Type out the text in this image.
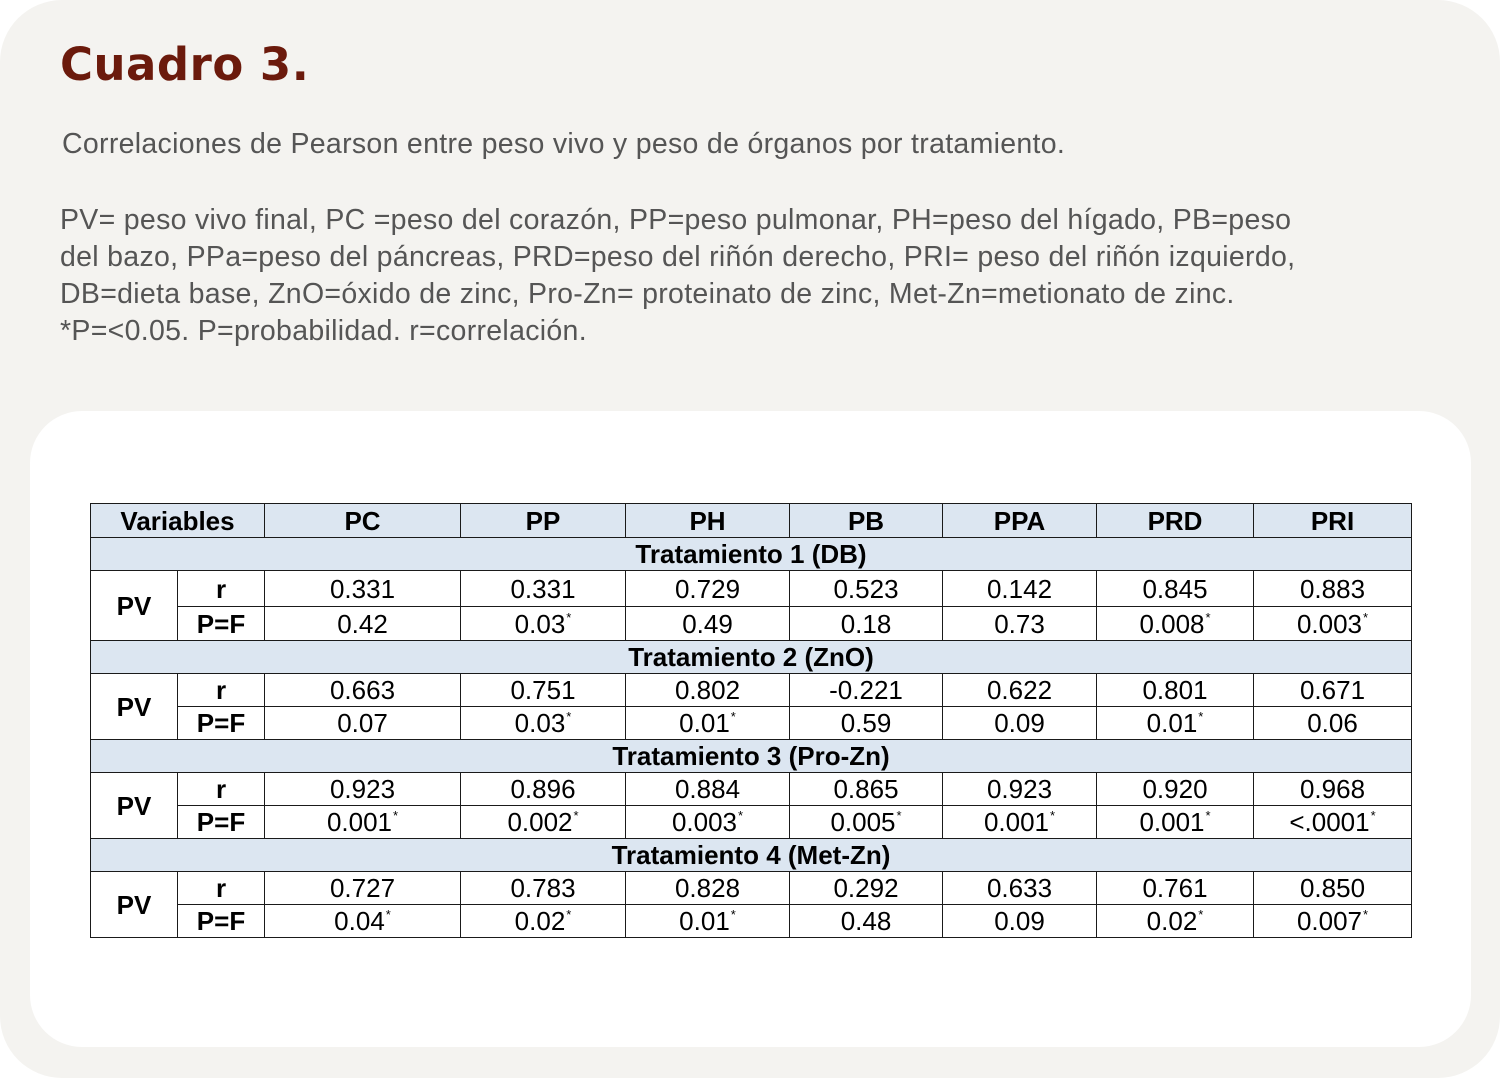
Cuadro 3.

Correlaciones de Pearson entre peso vivo y peso de órganos por tratamiento.

PV= peso vivo final, PC =peso del corazón, PP=peso pulmonar, PH=peso del hígado, PB=peso
del bazo, PPa=peso del páncreas, PRD=peso del riñón derecho, PRI= peso del riñón izquierdo,
DB=dieta base, ZnO=óxido de zinc, Pro-Zn= proteinato de zinc, Met-Zn=metionato de zinc.
*P=<0.05. P=probabilidad. r=correlación.
Variables		PC	PP	PH	PB	PPA	PRD	PRI
Tratamiento 1 (DB)								
PV	r	0.331	0.331	0.729	0.523	0.142	0.845	0.883
	P=F	0.42	0.03*	0.49	0.18	0.73	0.008*	0.003*
Tratamiento 2 (ZnO)								
PV	r	0.663	0.751	0.802	-0.221	0.622	0.801	0.671
	P=F	0.07	0.03*	0.01*	0.59	0.09	0.01*	0.06
Tratamiento 3 (Pro-Zn)								
PV	r	0.923	0.896	0.884	0.865	0.923	0.920	0.968
	P=F	0.001*	0.002*	0.003*	0.005*	0.001*	0.001*	<.0001*
Tratamiento 4 (Met-Zn)								
PV	r	0.727	0.783	0.828	0.292	0.633	0.761	0.850
	P=F	0.04*	0.02*	0.01*	0.48	0.09	0.02*	0.007*
